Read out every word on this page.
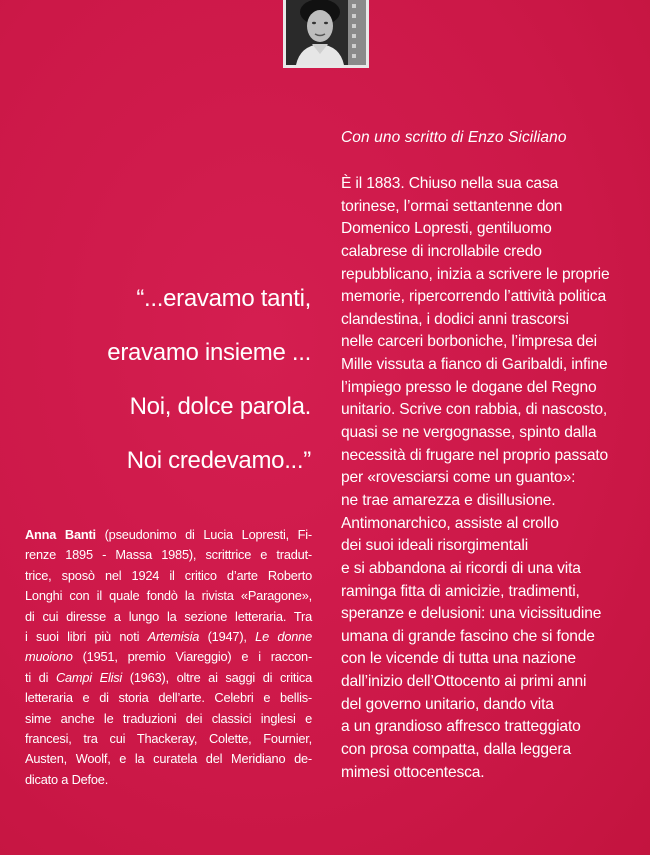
Con uno scritto di Enzo Siciliano
“...eravamo tanti,
eravamo insieme ...
Noi, dolce parola.
Noi credevamo...”
Anna Banti (pseudonimo di Lucia Lopresti, Fi-
renze 1895 - Massa 1985), scrittrice e tradut-
trice, sposò nel 1924 il critico d’arte Roberto
Longhi con il quale fondò la rivista «Paragone»,
di cui diresse a lungo la sezione letteraria. Tra
i suoi libri più noti Artemisia (1947), Le donne
muoiono (1951, premio Viareggio) e i raccon-
ti di Campi Elisi (1963), oltre ai saggi di critica
letteraria e di storia dell’arte. Celebri e bellis-
sime anche le traduzioni dei classici inglesi e
francesi, tra cui Thackeray, Colette, Fournier,
Austen, Woolf, e la curatela del Meridiano de-
dicato a Defoe.
È il 1883. Chiuso nella sua casa
torinese, l’ormai settantenne don
Domenico Lopresti, gentiluomo
calabrese di incrollabile credo
repubblicano, inizia a scrivere le proprie
memorie, ripercorrendo l’attività politica
clandestina, i dodici anni trascorsi
nelle carceri borboniche, l’impresa dei
Mille vissuta a fianco di Garibaldi, infine
l’impiego presso le dogane del Regno
unitario. Scrive con rabbia, di nascosto,
quasi se ne vergognasse, spinto dalla
necessità di frugare nel proprio passato
per «rovesciarsi come un guanto»:
ne trae amarezza e disillusione.
Antimonarchico, assiste al crollo
dei suoi ideali risorgimentali
e si abbandona ai ricordi di una vita
raminga fitta di amicizie, tradimenti,
speranze e delusioni: una vicissitudine
umana di grande fascino che si fonde
con le vicende di tutta una nazione
dall’inizio dell’Ottocento ai primi anni
del governo unitario, dando vita
a un grandioso affresco tratteggiato
con prosa compatta, dalla leggera
mimesi ottocentesca.
